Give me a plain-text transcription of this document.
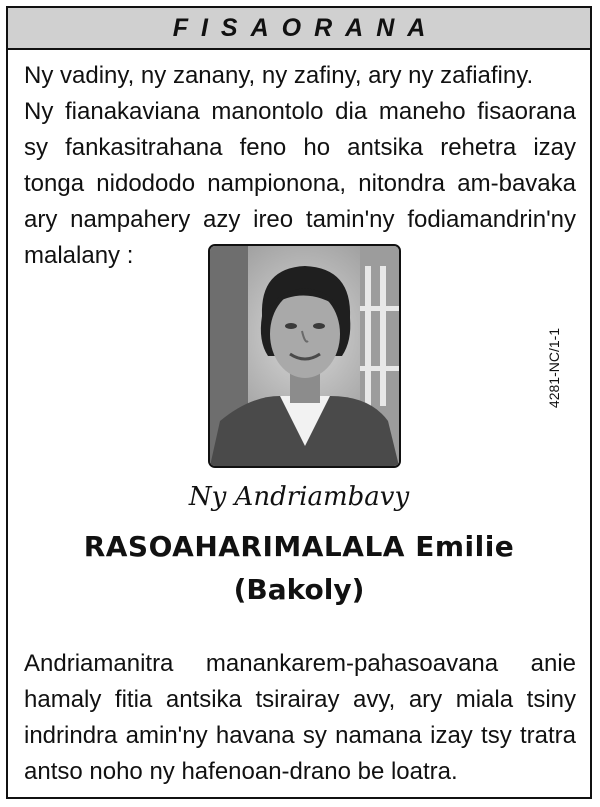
FISAORANA

Ny vadiny, ny zanany, ny zafiny, ary ny zafiafiny.
Ny fianakaviana manontolo dia maneho fisaorana sy fankasitrahana feno ho antsika rehetra izay tonga nidododo nampionona, nitondra am-bavaka ary nampahery azy ireo tamin'ny fodiamandrin'ny malalany :

4281-NC/1-1
Ny Andriambavy
RASOAHARIMALALA Emilie
(Bakoly)

Andriamanitra manankarem-pahasoavana anie hamaly fitia antsika tsirairay avy, ary miala tsiny indrindra amin'ny havana sy namana izay tsy tratra antso noho ny hafenoan-drano be loatra.
